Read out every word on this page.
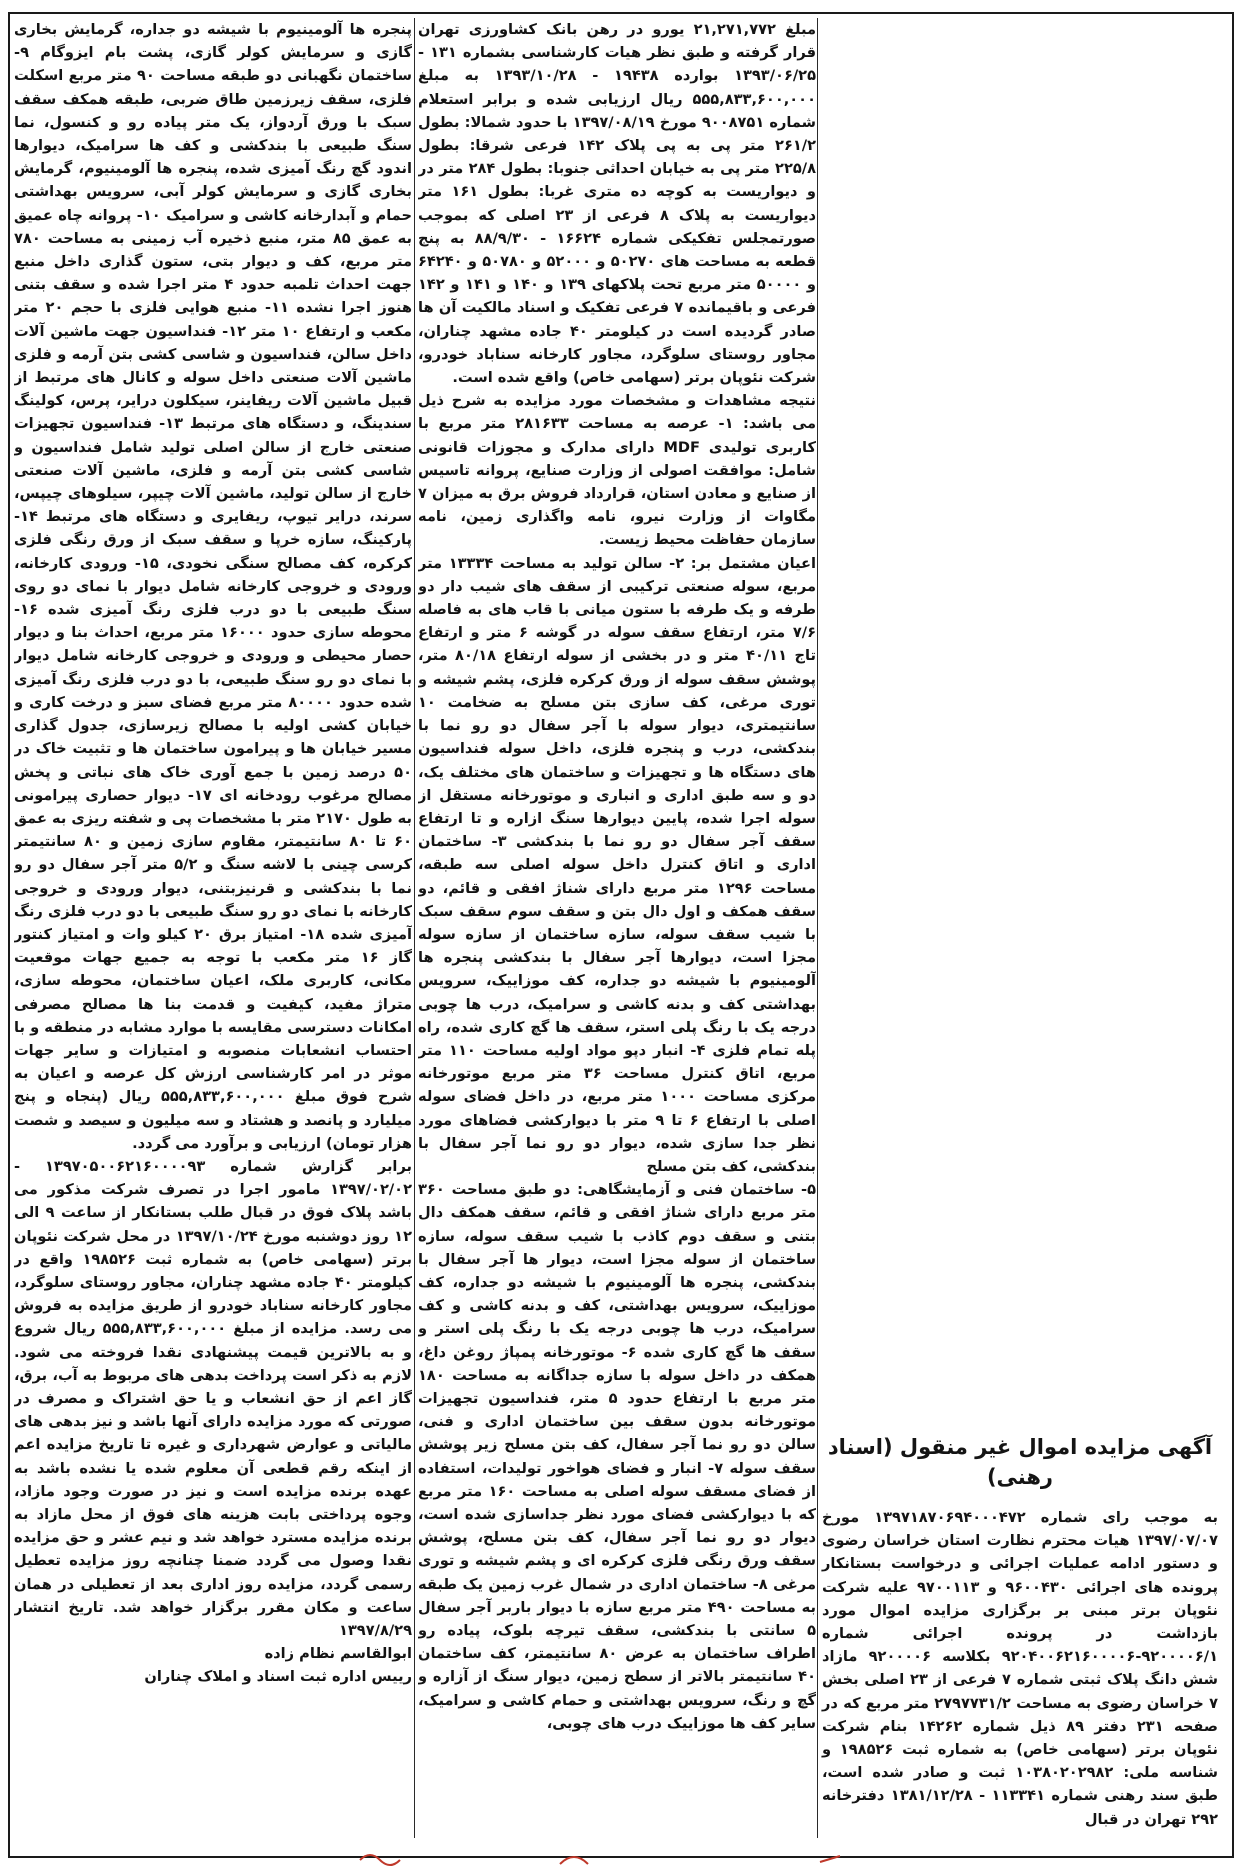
آگهی مزایده اموال غیر منقول (اسناد رهنی)
به موجب رای شماره ۱۳۹۷۱۸۷۰۶۹۴۰۰۰۴۷۲ مورخ ۱۳۹۷/۰۷/۰۷ هیات محترم نظارت استان خراسان رضوی و دستور ادامه عملیات اجرائی و درخواست بستانکار پرونده های اجرائی ۹۶۰۰۴۳۰ و ۹۷۰۰۱۱۳ علیه شرکت نئوپان برتر مبنی بر برگزاری مزایده اموال مورد بازداشت در پرونده اجرائی شماره ۹۲۰۰۰۰۶/۱-۹۲۰۴۰۰۶۲۱۶۰۰۰۰۶ بکلاسه ۹۲۰۰۰۰۶ مازاد شش دانگ پلاک ثبتی شماره ۷ فرعی از ۲۳ اصلی بخش ۷ خراسان رضوی به مساحت ۲۷۹۷۷۳۱/۲ متر مربع که در صفحه ۲۳۱ دفتر ۸۹ ذیل شماره ۱۴۲۶۲ بنام شرکت نئوپان برتر (سهامی خاص) به شماره ثبت ۱۹۸۵۲۶ و شناسه ملی: ۱۰۳۸۰۲۰۲۹۸۲ ثبت و صادر شده است، طبق سند رهنی شماره ۱۱۳۳۴۱ - ۱۳۸۱/۱۲/۲۸ دفترخانه ۲۹۲ تهران در قبال

مبلغ ۲۱,۲۷۱,۷۷۲ یورو در رهن بانک کشاورزی تهران قرار گرفته و طبق نظر هیات کارشناسی بشماره ۱۳۱ - ۱۳۹۳/۰۶/۲۵ بوارده ۱۹۴۳۸ - ۱۳۹۳/۱۰/۲۸ به مبلغ ۵۵۵,۸۳۳,۶۰۰,۰۰۰ ریال ارزیابی شده و برابر استعلام شماره ۹۰۰۸۷۵۱ مورخ ۱۳۹۷/۰۸/۱۹ با حدود شمالا: بطول ۲۶۱/۲ متر پی به پی پلاک ۱۴۲ فرعی شرقا: بطول ۲۲۵/۸ متر پی به خیابان احداثی جنوبا: بطول ۲۸۴ متر در و دیواریست به کوچه ده متری غربا: بطول ۱۶۱ متر دیواریست به پلاک ۸ فرعی از ۲۳ اصلی که بموجب صورتمجلس تفکیکی شماره ۱۶۶۲۴ - ۸۸/۹/۳۰ به پنج قطعه به مساحت های ۵۰۲۷۰ و ۵۲۰۰۰ و ۵۰۷۸۰ و ۶۴۲۴۰ و ۵۰۰۰۰ متر مربع تحت پلاکهای ۱۳۹ و ۱۴۰ و ۱۴۱ و ۱۴۲ فرعی و باقیمانده ۷ فرعی تفکیک و اسناد مالکیت آن ها صادر گردیده است در کیلومتر ۴۰ جاده مشهد چناران، مجاور روستای سلوگرد، مجاور کارخانه سناباد خودرو، شرکت نئوپان برتر (سهامی خاص) واقع شده است.

نتیجه مشاهدات و مشخصات مورد مزایده به شرح ذیل می باشد: ۱- عرصه به مساحت ۲۸۱۶۳۳ متر مربع با کاربری تولیدی MDF دارای مدارک و مجوزات قانونی شامل: موافقت اصولی از وزارت صنایع، پروانه تاسیس از صنایع و معادن استان، قرارداد فروش برق به میزان ۷ مگاوات از وزارت نیرو، نامه واگذاری زمین، نامه سازمان حفاظت محیط زیست.

اعیان مشتمل بر: ۲- سالن تولید به مساحت ۱۳۳۳۴ متر مربع، سوله صنعتی ترکیبی از سقف های شیب دار دو طرفه و یک طرفه با ستون میانی با قاب های به فاصله ۷/۶ متر، ارتفاع سقف سوله در گوشه ۶ متر و ارتفاع تاج ۴۰/۱۱ متر و در بخشی از سوله ارتفاع ۸۰/۱۸ متر، پوشش سقف سوله از ورق کرکره فلزی، پشم شیشه و توری مرغی، کف سازی بتن مسلح به ضخامت ۱۰ سانتیمتری، دیوار سوله با آجر سفال دو رو نما با بندکشی، درب و پنجره فلزی، داخل سوله فنداسیون های دستگاه ها و تجهیزات و ساختمان های مختلف یک، دو و سه طبق اداری و انباری و موتورخانه مستقل از سوله اجرا شده، پایین دیوارها سنگ ازاره و تا ارتفاع سقف آجر سفال دو رو نما با بندکشی ۳- ساختمان اداری و اتاق کنترل داخل سوله اصلی سه طبقه، مساحت ۱۲۹۶ متر مربع دارای شناژ افقی و قائم، دو سقف همکف و اول دال بتن و سقف سوم سقف سبک با شیب سقف سوله، سازه ساختمان از سازه سوله مجزا است، دیوارها آجر سفال با بندکشی پنجره ها آلومینیوم با شیشه دو جداره، کف موزاییک، سرویس بهداشتی کف و بدنه کاشی و سرامیک، درب ها چوبی درجه یک با رنگ پلی استر، سقف ها گچ کاری شده، راه پله تمام فلزی ۴- انبار دپو مواد اولیه مساحت ۱۱۰ متر مربع، اتاق کنترل مساحت ۳۶ متر مربع موتورخانه مرکزی مساحت ۱۰۰۰ متر مربع، در داخل فضای سوله اصلی با ارتفاع ۶ تا ۹ متر با دیوارکشی فضاهای مورد نظر جدا سازی شده، دیوار دو رو نما آجر سفال با بندکشی، کف بتن مسلح

۵- ساختمان فنی و آزمایشگاهی: دو طبق مساحت ۳۶۰ متر مربع دارای شناژ افقی و قائم، سقف همکف دال بتنی و سقف دوم کاذب با شیب سقف سوله، سازه ساختمان از سوله مجزا است، دیوار ها آجر سفال با بندکشی، پنجره ها آلومینیوم با شیشه دو جداره، کف موزاییک، سرویس بهداشتی، کف و بدنه کاشی و کف سرامیک، درب ها چوبی درجه یک با رنگ پلی استر و سقف ها گچ کاری شده ۶- موتورخانه پمپاژ روغن داغ، همکف در داخل سوله با سازه جداگانه به مساحت ۱۸۰ متر مربع با ارتفاع حدود ۵ متر، فنداسیون تجهیزات موتورخانه بدون سقف بین ساختمان اداری و فنی، سالن دو رو نما آجر سفال، کف بتن مسلح زیر پوشش سقف سوله ۷- انبار و فضای هواخور تولیدات، استفاده از فضای مسقف سوله اصلی به مساحت ۱۶۰ متر مربع که با دیوارکشی فضای مورد نظر جداسازی شده است، دیوار دو رو نما آجر سفال، کف بتن مسلح، پوشش سقف ورق رنگی فلزی کرکره ای و پشم شیشه و توری مرغی ۸- ساختمان اداری در شمال غرب زمین یک طبقه به مساحت ۴۹۰ متر مربع سازه با دیوار باربر آجر سفال ۵ سانتی با بندکشی، سقف تیرچه بلوک، پیاده رو اطراف ساختمان به عرض ۸۰ سانتیمتر، کف ساختمان ۴۰ سانتیمتر بالاتر از سطح زمین، دیوار سنگ از آزاره و گچ و رنگ، سرویس بهداشتی و حمام کاشی و سرامیک، سایر کف ها موزاییک درب های چوبی،

پنجره ها آلومینیوم با شیشه دو جداره، گرمایش بخاری گازی و سرمایش کولر گازی، پشت بام ایزوگام ۹- ساختمان نگهبانی دو طبقه مساحت ۹۰ متر مربع اسکلت فلزی، سقف زیرزمین طاق ضربی، طبقه همکف سقف سبک با ورق آردواز، یک متر پیاده رو و کنسول، نما سنگ طبیعی با بندکشی و کف ها سرامیک، دیوارها اندود گچ رنگ آمیزی شده، پنجره ها آلومینیوم، گرمایش بخاری گازی و سرمایش کولر آبی، سرویس بهداشتی حمام و آبدارخانه کاشی و سرامیک ۱۰- پروانه چاه عمیق به عمق ۸۵ متر، منبع ذخیره آب زمینی به مساحت ۷۸۰ متر مربع، کف و دیوار بتی، ستون گذاری داخل منبع جهت احداث تلمبه حدود ۴ متر اجرا شده و سقف بتنی هنوز اجرا نشده ۱۱- منبع هوایی فلزی با حجم ۲۰ متر مکعب و ارتفاع ۱۰ متر ۱۲- فنداسیون جهت ماشین آلات داخل سالن، فنداسیون و شاسی کشی بتن آرمه و فلزی ماشین آلات صنعتی داخل سوله و کانال های مرتبط از قبیل ماشین آلات ریفاینر، سیکلون درایر، پرس، کولینگ سندینگ، و دستگاه های مرتبط ۱۳- فنداسیون تجهیزات صنعتی خارج از سالن اصلی تولید شامل فنداسیون و شاسی کشی بتن آرمه و فلزی، ماشین آلات صنعتی خارج از سالن تولید، ماشین آلات چیپر، سیلوهای چیپس، سرند، درایر تیوپ، ریفایری و دستگاه های مرتبط ۱۴- پارکینگ، سازه خرپا و سقف سبک از ورق رنگی فلزی کرکره، کف مصالح سنگی نخودی، ۱۵- ورودی کارخانه، ورودی و خروجی کارخانه شامل دیوار با نمای دو روی سنگ طبیعی با دو درب فلزی رنگ آمیزی شده ۱۶- محوطه سازی حدود ۱۶۰۰۰ متر مربع، احداث بنا و دیوار حصار محیطی و ورودی و خروجی کارخانه شامل دیوار با نمای دو رو سنگ طبیعی، با دو درب فلزی رنگ آمیزی شده حدود ۸۰۰۰۰ متر مربع فضای سبز و درخت کاری و خیابان کشی اولیه با مصالح زیرسازی، جدول گذاری مسیر خیابان ها و پیرامون ساختمان ها و تثبیت خاک در ۵۰ درصد زمین با جمع آوری خاک های نباتی و پخش مصالح مرغوب رودخانه ای ۱۷- دیوار حصاری پیرامونی به طول ۲۱۷۰ متر با مشخصات پی و شفته ریزی به عمق ۶۰ تا ۸۰ سانتیمتر، مقاوم سازی زمین و ۸۰ سانتیمتر کرسی چینی با لاشه سنگ و ۵/۲ متر آجر سفال دو رو نما با بندکشی و قرنیزبتنی، دیوار ورودی و خروجی کارخانه با نمای دو رو سنگ طبیعی با دو درب فلزی رنگ آمیزی شده ۱۸- امتیاز برق ۲۰ کیلو وات و امتیاز کنتور گاز ۱۶ متر مکعب با توجه به جمیع جهات موقعیت مکانی، کاربری ملک، اعیان ساختمان، محوطه سازی، متراژ مفید، کیفیت و قدمت بنا ها مصالح مصرفی امکانات دسترسی مقایسه با موارد مشابه در منطقه و با احتساب انشعابات منصوبه و امتیازات و سایر جهات موثر در امر کارشناسی ارزش کل عرصه و اعیان به شرح فوق مبلغ ۵۵۵,۸۳۳,۶۰۰,۰۰۰ ریال (پنجاه و پنج میلیارد و پانصد و هشتاد و سه میلیون و سیصد و شصت هزار تومان) ارزیابی و برآورد می گردد.

برابر گزارش شماره ۱۳۹۷۰۵۰۰۶۲۱۶۰۰۰۰۹۳ - ۱۳۹۷/۰۲/۰۲ مامور اجرا در تصرف شرکت مذکور می باشد پلاک فوق در قبال طلب بستانکار از ساعت ۹ الی ۱۲ روز دوشنبه مورخ ۱۳۹۷/۱۰/۲۴ در محل شرکت نئوپان برتر (سهامی خاص) به شماره ثبت ۱۹۸۵۲۶ واقع در کیلومتر ۴۰ جاده مشهد چناران، مجاور روستای سلوگرد، مجاور کارخانه سناباد خودرو از طریق مزایده به فروش می رسد. مزایده از مبلغ ۵۵۵,۸۳۳,۶۰۰,۰۰۰ ریال شروع و به بالاترین قیمت پیشنهادی نقدا فروخته می شود. لازم به ذکر است پرداخت بدهی های مربوط به آب، برق، گاز اعم از حق انشعاب و یا حق اشتراک و مصرف در صورتی که مورد مزایده دارای آنها باشد و نیز بدهی های مالیاتی و عوارض شهرداری و غیره تا تاریخ مزایده اعم از اینکه رقم قطعی آن معلوم شده یا نشده باشد به عهده برنده مزایده است و نیز در صورت وجود مازاد، وجوه پرداختی بابت هزینه های فوق از محل مازاد به برنده مزایده مسترد خواهد شد و نیم عشر و حق مزایده نقدا وصول می گردد ضمنا چنانچه روز مزایده تعطیل رسمی گردد، مزایده روز اداری بعد از تعطیلی در همان ساعت و مکان مقرر برگزار خواهد شد. تاریخ انتشار ۱۳۹۷/۸/۲۹

ابوالقاسم نظام زاده

رییس اداره ثبت اسناد و املاک چناران
